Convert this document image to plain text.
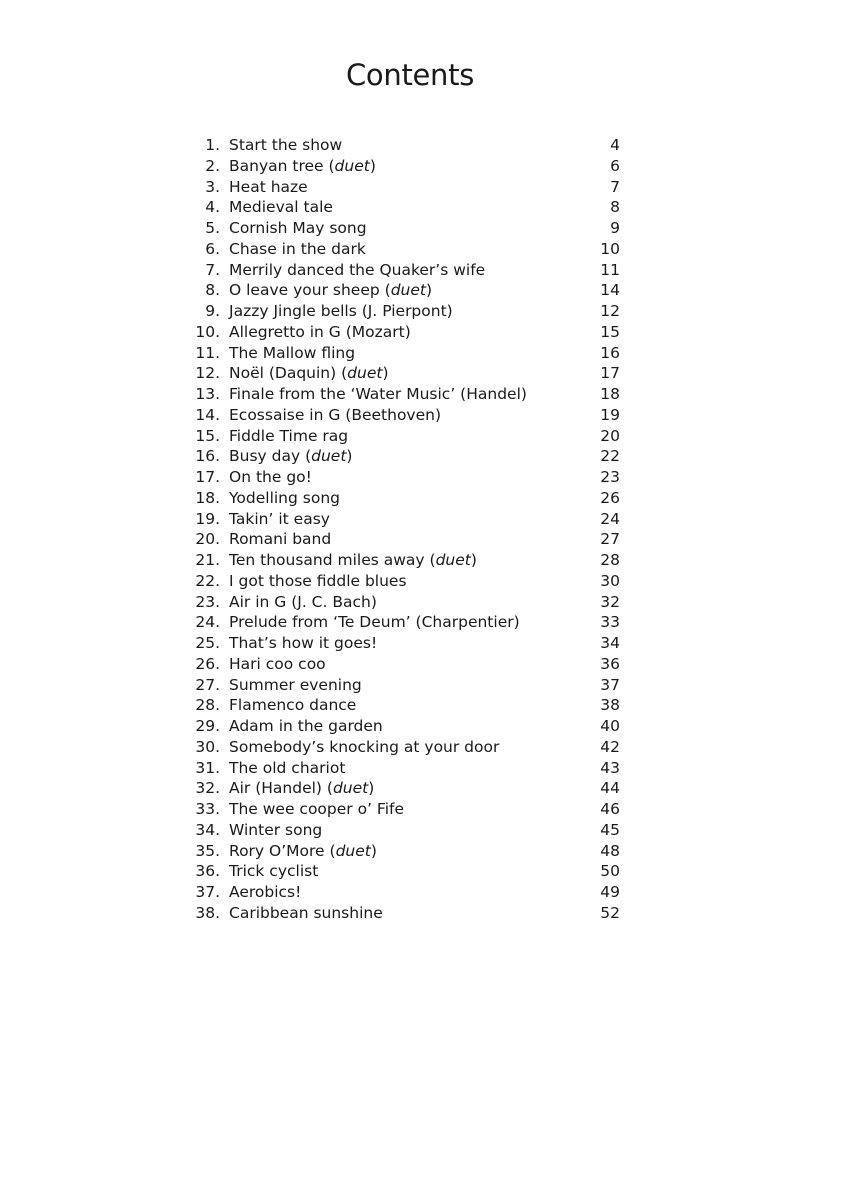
Contents
1. Start the show	4
2. Banyan tree (duet)	6
3. Heat haze	7
4. Medieval tale	8
5. Cornish May song	9
6. Chase in the dark	10
7. Merrily danced the Quaker’s wife	11
8. O leave your sheep (duet)	14
9. Jazzy Jingle bells (J. Pierpont)	12
10. Allegretto in G (Mozart)	15
11. The Mallow fling	16
12. Noël (Daquin) (duet)	17
13. Finale from the ‘Water Music’ (Handel)	18
14. Ecossaise in G (Beethoven)	19
15. Fiddle Time rag	20
16. Busy day (duet)	22
17. On the go!	23
18. Yodelling song	26
19. Takin’ it easy	24
20. Romani band	27
21. Ten thousand miles away (duet)	28
22. I got those fiddle blues	30
23. Air in G (J. C. Bach)	32
24. Prelude from ‘Te Deum’ (Charpentier)	33
25. That’s how it goes!	34
26. Hari coo coo	36
27. Summer evening	37
28. Flamenco dance	38
29. Adam in the garden	40
30. Somebody’s knocking at your door	42
31. The old chariot	43
32. Air (Handel) (duet)	44
33. The wee cooper o’ Fife	46
34. Winter song	45
35. Rory O’More (duet)	48
36. Trick cyclist	50
37. Aerobics!	49
38. Caribbean sunshine	52
